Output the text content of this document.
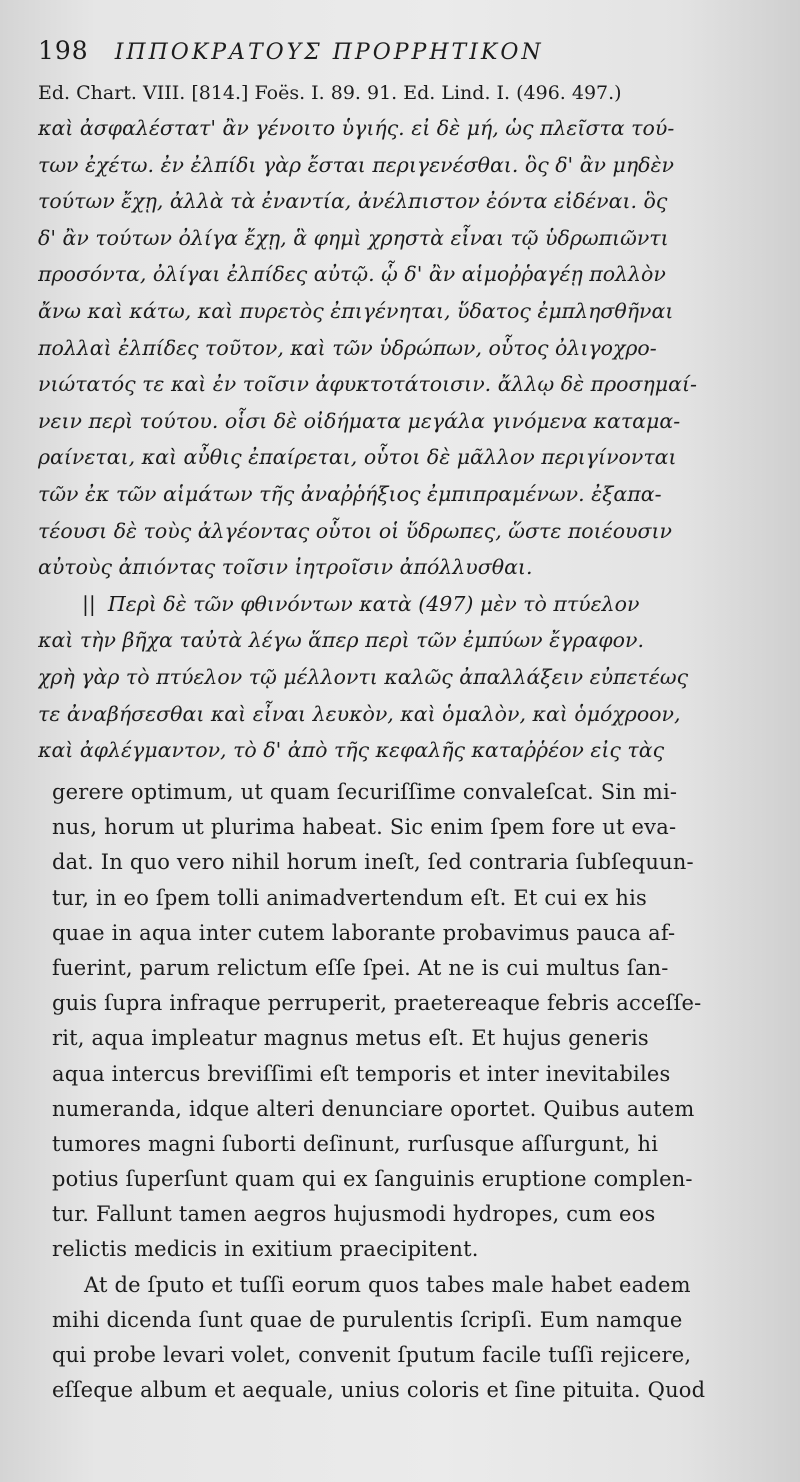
198 ΙΠΠΟΚΡΑΤΟΥΣ ΠΡΟΡΡΗΤΙΚΟΝ
Ed. Chart. VIII. [814.] Foës. I. 89. 91. Ed. Lind. I. (496. 497.)
καὶ ἀσφαλέστατ' ἂν γένοιτο ὑγιής. εἰ δὲ μή, ὡς πλεῖστα τού-
των ἐχέτω. ἐν ἐλπίδι γὰρ ἔσται περιγενέσθαι. ὃς δ' ἂν μηδὲν
τούτων ἔχῃ, ἀλλὰ τὰ ἐναντία, ἀνέλπιστον ἐόντα εἰδέναι. ὃς
δ' ἂν τούτων ὀλίγα ἔχῃ, ἃ φημὶ χρηστὰ εἶναι τῷ ὑδρωπιῶντι
προσόντα, ὀλίγαι ἐλπίδες αὐτῷ. ᾧ δ' ἂν αἱμοῤῥαγέῃ πολλὸν
ἄνω καὶ κάτω, καὶ πυρετὸς ἐπιγένηται, ὕδατος ἐμπλησθῆναι
πολλαὶ ἐλπίδες τοῦτον, καὶ τῶν ὑδρώπων, οὗτος ὀλιγοχρο-
νιώτατός τε καὶ ἐν τοῖσιν ἀφυκτοτάτοισιν. ἄλλῳ δὲ προσημαί-
νειν περὶ τούτου. οἷσι δὲ οἰδήματα μεγάλα γινόμενα καταμα-
ραίνεται, καὶ αὖθις ἐπαίρεται, οὗτοι δὲ μᾶλλον περιγίνονται
τῶν ἐκ τῶν αἱμάτων τῆς ἀναῤῥήξιος ἐμπιπραμένων. ἐξαπα-
τέουσι δὲ τοὺς ἀλγέοντας οὗτοι οἱ ὕδρωπες, ὥστε ποιέουσιν
αὐτοὺς ἀπιόντας τοῖσιν ἰητροῖσιν ἀπόλλυσθαι.
|| Περὶ δὲ τῶν φθινόντων κατὰ (497) μὲν τὸ πτύελον
καὶ τὴν βῆχα ταὐτὰ λέγω ἅπερ περὶ τῶν ἐμπύων ἔγραφον.
χρὴ γὰρ τὸ πτύελον τῷ μέλλοντι καλῶς ἀπαλλάξειν εὐπετέως
τε ἀναβήσεσθαι καὶ εἶναι λευκὸν, καὶ ὁμαλὸν, καὶ ὁμόχροον,
καὶ ἀφλέγμαντον, τὸ δ' ἀπὸ τῆς κεφαλῆς καταῤῥέον εἰς τὰς
gerere optimum, ut quam ſecuriſſime convaleſcat. Sin mi-
nus, horum ut plurima habeat. Sic enim ſpem fore ut eva-
dat. In quo vero nihil horum ineſt, ſed contraria ſubſequun-
tur, in eo ſpem tolli animadvertendum eſt. Et cui ex his
quae in aqua inter cutem laborante probavimus pauca af-
fuerint, parum relictum eſſe ſpei. At ne is cui multus ſan-
guis ſupra infraque perruperit, praetereaque febris acceſſe-
rit, aqua impleatur magnus metus eſt. Et hujus generis
aqua intercus breviſſimi eſt temporis et inter inevitabiles
numeranda, idque alteri denunciare oportet. Quibus autem
tumores magni ſuborti deſinunt, rurſusque aſſurgunt, hi
potius ſuperſunt quam qui ex ſanguinis eruptione complen-
tur. Fallunt tamen aegros hujusmodi hydropes, cum eos
relictis medicis in exitium praecipitent.
At de ſputo et tuſſi eorum quos tabes male habet eadem
mihi dicenda ſunt quae de purulentis ſcripſi. Eum namque
qui probe levari volet, convenit ſputum facile tuſſi rejicere,
eſſeque album et aequale, unius coloris et ſine pituita. Quod
